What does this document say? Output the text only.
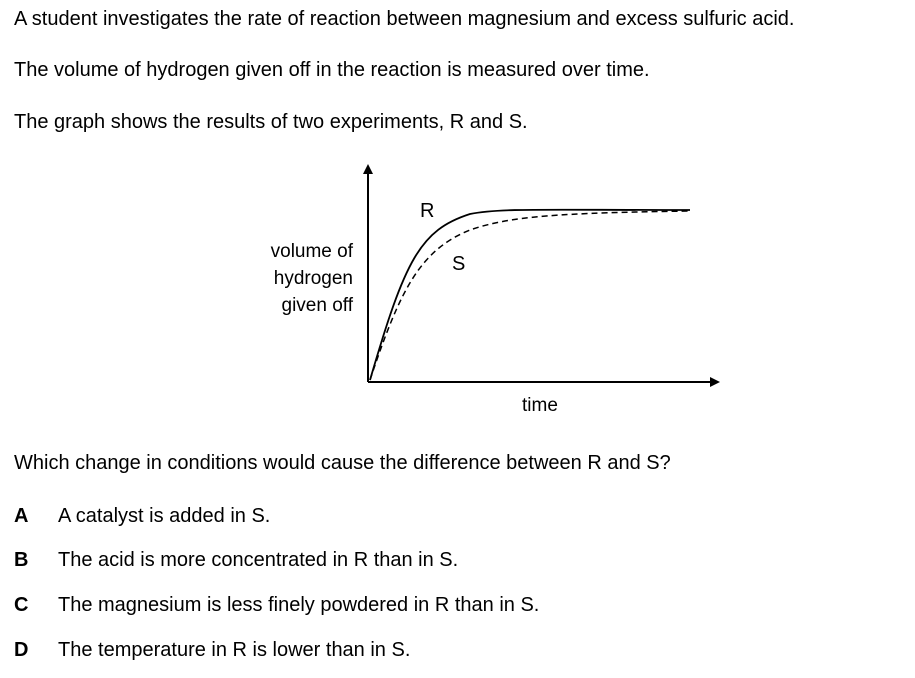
A student investigates the rate of reaction between magnesium and excess sulfuric acid.
The volume of hydrogen given off in the reaction is measured over time.
The graph shows the results of two experiments, R and S.
R
S
volume of
hydrogen
given off
time
Which change in conditions would cause the difference between R and S?
A A catalyst is added in S.
B The acid is more concentrated in R than in S.
C The magnesium is less finely powdered in R than in S.
D The temperature in R is lower than in S.
